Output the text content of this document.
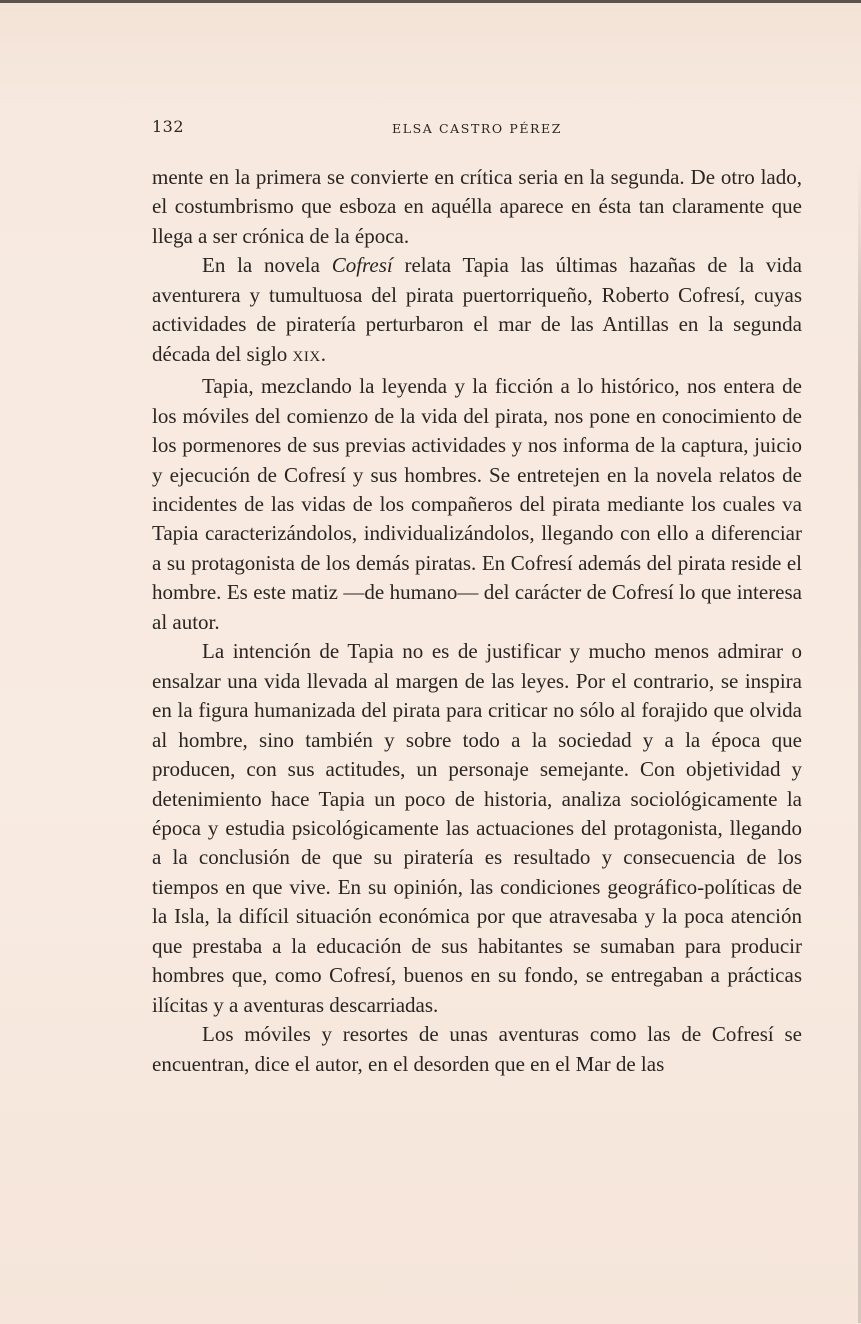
132	ELSA CASTRO PÉREZ

mente en la primera se convierte en crítica seria en la segunda. De otro lado, el costumbrismo que esboza en aquélla aparece en ésta tan claramente que llega a ser crónica de la época.

En la novela Cofresí relata Tapia las últimas hazañas de la vida aventurera y tumultuosa del pirata puertorriqueño, Roberto Cofresí, cuyas actividades de piratería perturbaron el mar de las Antillas en la segunda década del siglo XIX.

Tapia, mezclando la leyenda y la ficción a lo histórico, nos entera de los móviles del comienzo de la vida del pirata, nos pone en conocimiento de los pormenores de sus previas actividades y nos informa de la captura, juicio y ejecución de Cofresí y sus hombres. Se entretejen en la novela relatos de incidentes de las vidas de los compañeros del pirata mediante los cuales va Tapia caracterizándolos, individualizándolos, llegando con ello a diferenciar a su protagonista de los demás piratas. En Cofresí además del pirata reside el hombre. Es este matiz —de humano— del carácter de Cofresí lo que interesa al autor.

La intención de Tapia no es de justificar y mucho menos admirar o ensalzar una vida llevada al margen de las leyes. Por el contrario, se inspira en la figura humanizada del pirata para criticar no sólo al forajido que olvida al hombre, sino también y sobre todo a la sociedad y a la época que producen, con sus actitudes, un personaje semejante. Con objetividad y detenimiento hace Tapia un poco de historia, analiza sociológicamente la época y estudia psicológicamente las actuaciones del protagonista, llegando a la conclusión de que su piratería es resultado y consecuencia de los tiempos en que vive. En su opinión, las condiciones geográfico-políticas de la Isla, la difícil situación económica por que atravesaba y la poca atención que prestaba a la educación de sus habitantes se sumaban para producir hombres que, como Cofresí, buenos en su fondo, se entregaban a prácticas ilícitas y a aventuras descarriadas.

Los móviles y resortes de unas aventuras como las de Cofresí se encuentran, dice el autor, en el desorden que en el Mar de las
